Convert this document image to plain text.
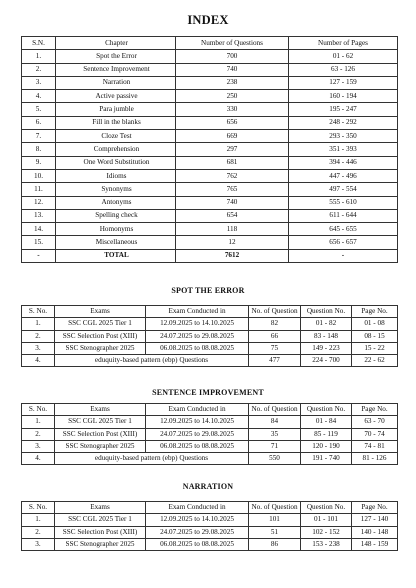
INDEX
S.N.	Chapter	Number of Questions	Number of Pages
1.	Spot the Error	700	01 - 62
2.	Sentence Improvement	740	63 - 126
3.	Narration	238	127 - 159
4.	Active passive	250	160 - 194
5.	Para jumble	330	195 - 247
6.	Fill in the blanks	656	248 - 292
7.	Cloze Test	669	293 - 350
8.	Comprehension	297	351 - 393
9.	One Word Substitution	681	394 - 446
10.	Idioms	762	447 - 496
11.	Synonyms	765	497 - 554
12.	Antonyms	740	555 - 610
13.	Spelling check	654	611 - 644
14.	Homonyms	118	645 - 655
15.	Miscellaneous	12	656 - 657
-	TOTAL	7612	-
SPOT THE ERROR
S. No.	Exams	Exam Conducted in	No. of Question	Question No.	Page No.
1.	SSC CGL 2025 Tier 1	12.09.2025 to 14.10.2025	82	01 - 82	01 - 08
2.	SSC Selection Post (XIII)	24.07.2025 to 29.08.2025	66	83 - 148	08 - 15
3.	SSC Stenographer 2025	06.08.2025 to 08.08.2025	75	149 - 223	15 - 22
4.	eduquity-based pattern (ebp) Questions		477	224 - 700	22 - 62
SENTENCE IMPROVEMENT
S. No.	Exams	Exam Conducted in	No. of Question	Question No.	Page No.
1.	SSC CGL 2025 Tier 1	12.09.2025 to 14.10.2025	84	01 - 84	63 - 70
2.	SSC Selection Post (XIII)	24.07.2025 to 29.08.2025	35	85 - 119	70 - 74
3.	SSC Stenographer 2025	06.08.2025 to 08.08.2025	71	120 - 190	74 - 81
4.	eduquity-based pattern (ebp) Questions		550	191 - 740	81 - 126
NARRATION
S. No.	Exams	Exam Conducted in	No. of Question	Question No.	Page No.
1.	SSC CGL 2025 Tier 1	12.09.2025 to 14.10.2025	101	01 - 101	127 - 140
2.	SSC Selection Post (XIII)	24.07.2025 to 29.08.2025	51	102 - 152	140 - 148
3.	SSC Stenographer 2025	06.08.2025 to 08.08.2025	86	153 - 238	148 - 159
